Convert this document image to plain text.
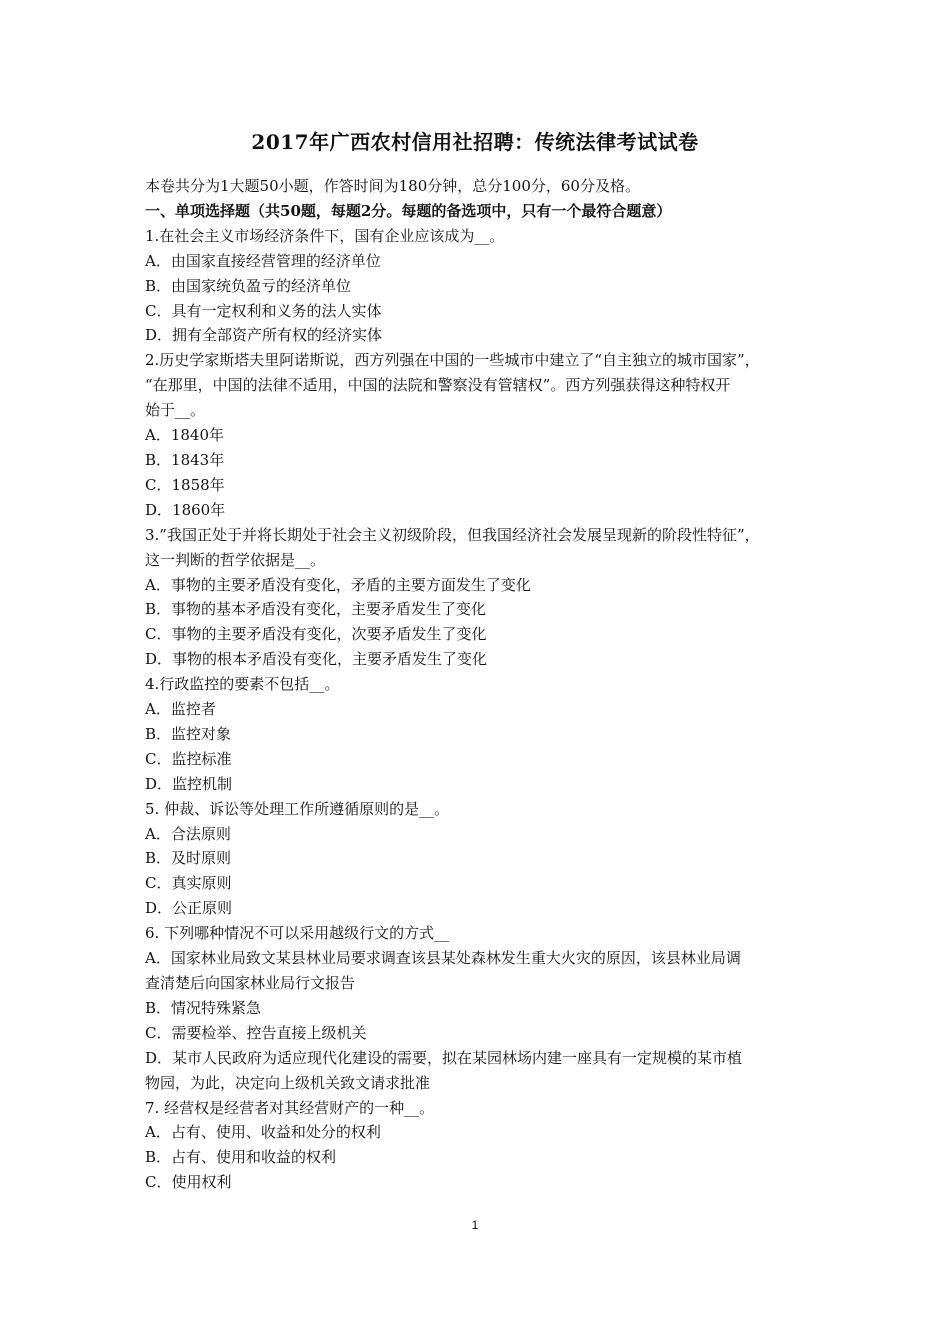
2017年广西农村信用社招聘：传统法律考试试卷
本卷共分为1大题50小题，作答时间为180分钟，总分100分，60分及格。
一、单项选择题（共50题，每题2分。每题的备选项中，只有一个最符合题意）
1.在社会主义市场经济条件下，国有企业应该成为__。
A．由国家直接经营管理的经济单位
B．由国家统负盈亏的经济单位
C．具有一定权利和义务的法人实体
D．拥有全部资产所有权的经济实体
2.历史学家斯塔夫里阿诺斯说，西方列强在中国的一些城市中建立了“自主独立的城市国家”，
“在那里，中国的法律不适用，中国的法院和警察没有管辖权”。西方列强获得这种特权开
始于__。
A．1840年
B．1843年
C．1858年
D．1860年
3.”我国正处于并将长期处于社会主义初级阶段，但我国经济社会发展呈现新的阶段性特征”，
这一判断的哲学依据是__。
A．事物的主要矛盾没有变化，矛盾的主要方面发生了变化
B．事物的基本矛盾没有变化，主要矛盾发生了变化
C．事物的主要矛盾没有变化，次要矛盾发生了变化
D．事物的根本矛盾没有变化，主要矛盾发生了变化
4.行政监控的要素不包括__。
A．监控者
B．监控对象
C．监控标准
D．监控机制
5. 仲裁、诉讼等处理工作所遵循原则的是__。
A．合法原则
B．及时原则
C．真实原则
D．公正原则
6. 下列哪种情况不可以采用越级行文的方式__
A．国家林业局致文某县林业局要求调查该县某处森林发生重大火灾的原因，该县林业局调
查清楚后向国家林业局行文报告
B．情况特殊紧急
C．需要检举、控告直接上级机关
D．某市人民政府为适应现代化建设的需要，拟在某园林场内建一座具有一定规模的某市植
物园，为此，决定向上级机关致文请求批准
7. 经营权是经营者对其经营财产的一种__。
A．占有、使用、收益和处分的权利
B．占有、使用和收益的权利
C．使用权利
1
